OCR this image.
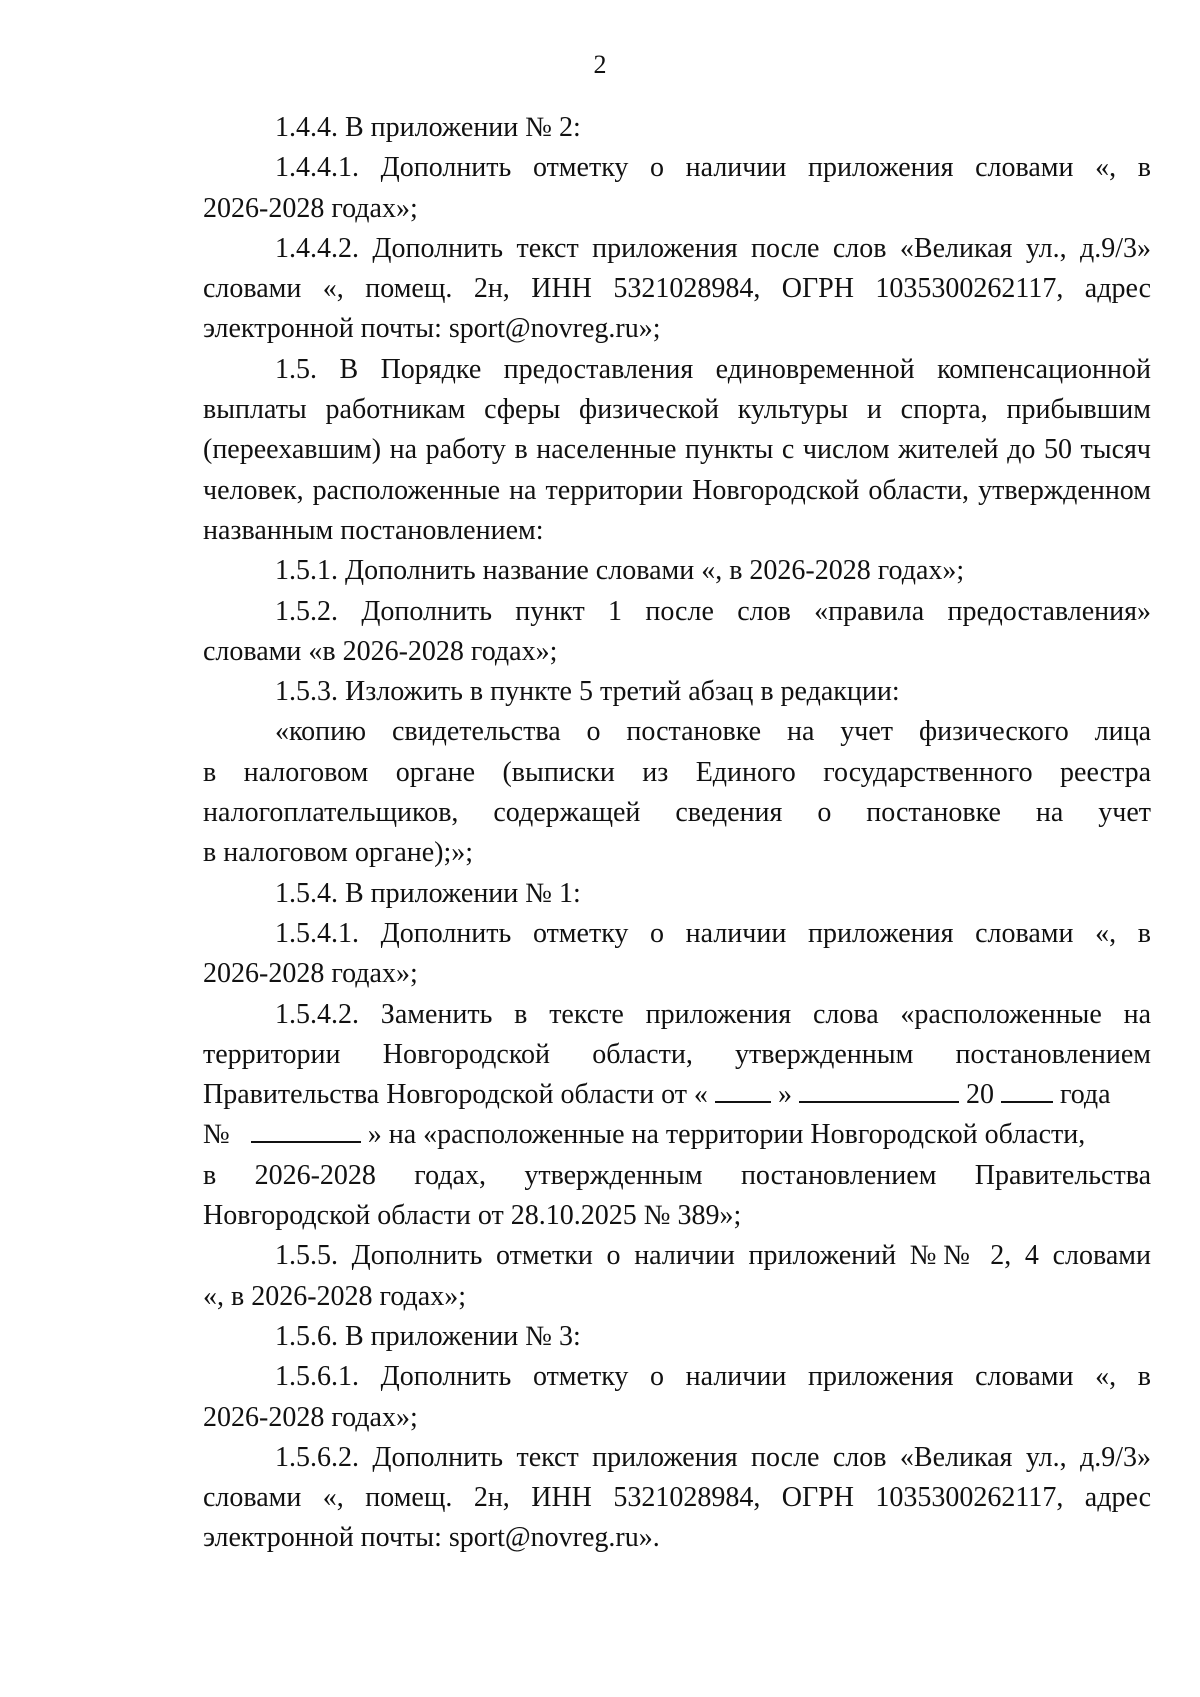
2
1.4.4. В приложении № 2:
1.4.4.1. Дополнить отметку о наличии приложения словами «, в
2026-2028 годах»;
1.4.4.2. Дополнить текст приложения после слов «Великая ул., д.9/3»
словами «, помещ. 2н, ИНН 5321028984, ОГРН 1035300262117, адрес
электронной почты: sport@novreg.ru»;
1.5. В Порядке предоставления единовременной компенсационной
выплаты работникам сферы физической культуры и спорта, прибывшим
(переехавшим) на работу в населенные пункты с числом жителей до 50 тысяч
человек, расположенные на территории Новгородской области, утвержденном
названным постановлением:
1.5.1. Дополнить название словами «, в 2026-2028 годах»;
1.5.2. Дополнить пункт 1 после слов «правила предоставления»
словами «в 2026-2028 годах»;
1.5.3. Изложить в пункте 5 третий абзац в редакции:
«копию свидетельства о постановке на учет физического лица
в налоговом органе (выписки из Единого государственного реестра
налогоплательщиков, содержащей сведения о постановке на учет
в налоговом органе);»;
1.5.4. В приложении № 1:
1.5.4.1. Дополнить отметку о наличии приложения словами «, в
2026-2028 годах»;
1.5.4.2. Заменить в тексте приложения слова «расположенные на
территории Новгородской области, утвержденным постановлением
Правительства Новгородской области от «	»	20 года
№	» на «расположенные на территории Новгородской области,
в 2026-2028 годах, утвержденным постановлением Правительства
Новгородской области от 28.10.2025 № 389»;
1.5.5. Дополнить отметки о наличии приложений №№ 2, 4 словами
«, в 2026-2028 годах»;
1.5.6. В приложении № 3:
1.5.6.1. Дополнить отметку о наличии приложения словами «, в
2026-2028 годах»;
1.5.6.2. Дополнить текст приложения после слов «Великая ул., д.9/3»
словами «, помещ. 2н, ИНН 5321028984, ОГРН 1035300262117, адрес
электронной почты: sport@novreg.ru».
